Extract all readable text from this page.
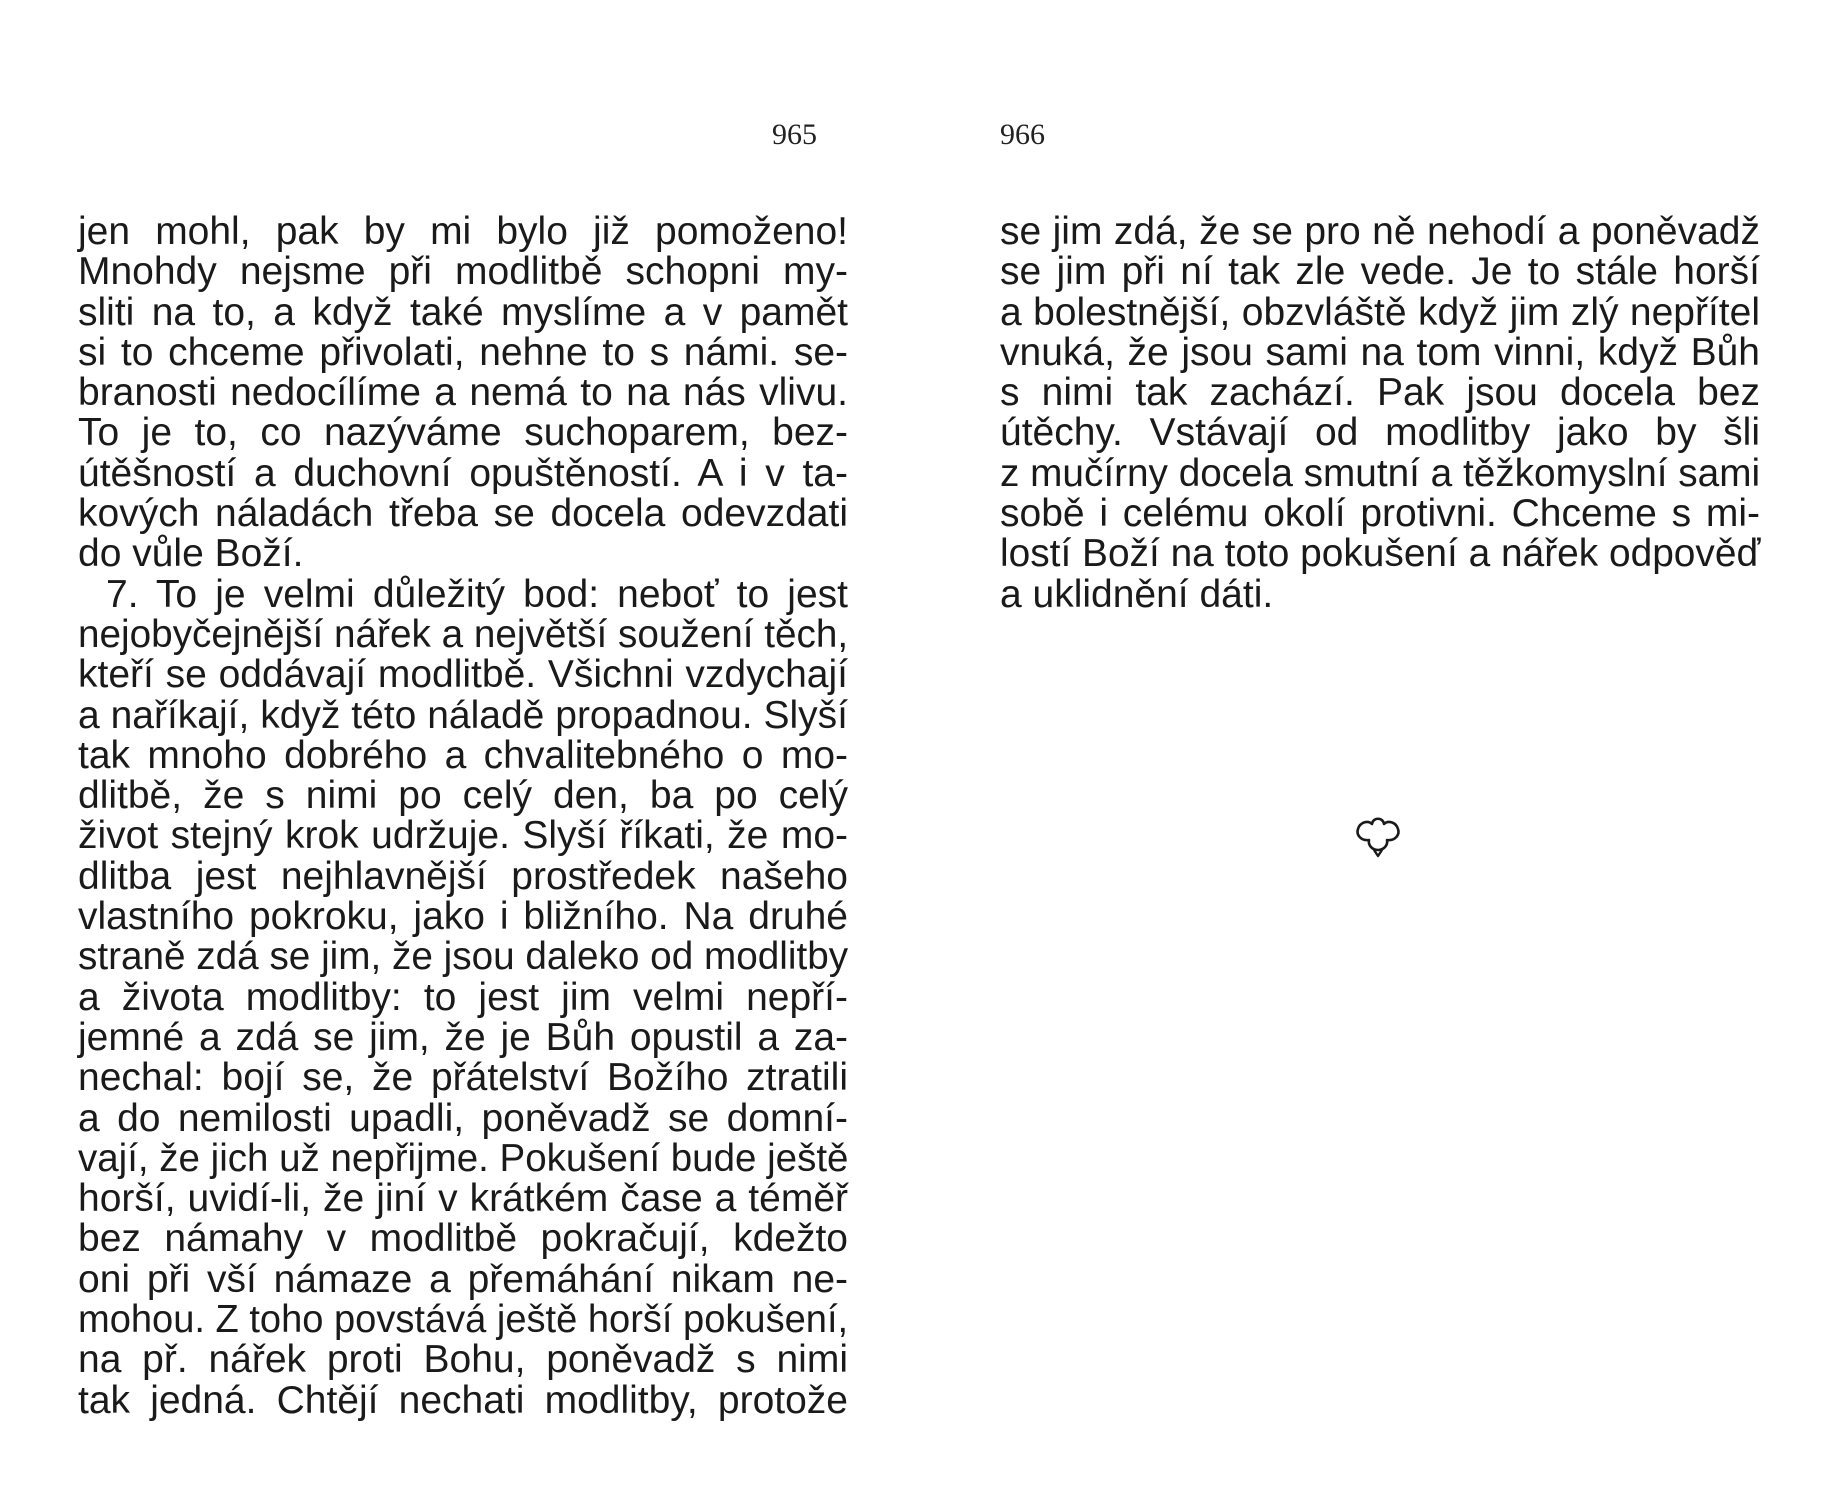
965	966
jen mohl, pak by mi bylo již pomoženo!
Mnohdy nejsme při modlitbě schopni my-
sliti na to, a když také myslíme a v pamět
si to chceme přivolati, nehne to s námi. se-
branosti nedocílíme a nemá to na nás vlivu.
To je to, co nazýváme suchoparem, bez-
útěšností a duchovní opuštěností. A i v ta-
kových náladách třeba se docela odevzdati
do vůle Boží.
7. To je velmi důležitý bod: neboť to jest
nejobyčejnější nářek a největší soužení těch,
kteří se oddávají modlitbě. Všichni vzdychají
a naříkají, když této náladě propadnou. Slyší
tak mnoho dobrého a chvalitebného o mo-
dlitbě, že s nimi po celý den, ba po celý
život stejný krok udržuje. Slyší říkati, že mo-
dlitba jest nejhlavnější prostředek našeho
vlastního pokroku, jako i bližního. Na druhé
straně zdá se jim, že jsou daleko od modlitby
a života modlitby: to jest jim velmi nepří-
jemné a zdá se jim, že je Bůh opustil a za-
nechal: bojí se, že přátelství Božího ztratili
a do nemilosti upadli, poněvadž se domní-
vají, že jich už nepřijme. Pokušení bude ještě
horší, uvidí-li, že jiní v krátkém čase a téměř
bez námahy v modlitbě pokračují, kdežto
oni při vší námaze a přemáhání nikam ne-
mohou. Z toho povstává ještě horší pokušení,
na př. nářek proti Bohu, poněvadž s nimi
tak jedná. Chtějí nechati modlitby, protože
se jim zdá, že se pro ně nehodí a poněvadž
se jim při ní tak zle vede. Je to stále horší
a bolestnější, obzvláště když jim zlý nepřítel
vnuká, že jsou sami na tom vinni, když Bůh
s nimi tak zachází. Pak jsou docela bez
útěchy. Vstávají od modlitby jako by šli
z mučírny docela smutní a těžkomyslní sami
sobě i celému okolí protivni. Chceme s mi-
lostí Boží na toto pokušení a nářek odpověď
a uklidnění dáti.
